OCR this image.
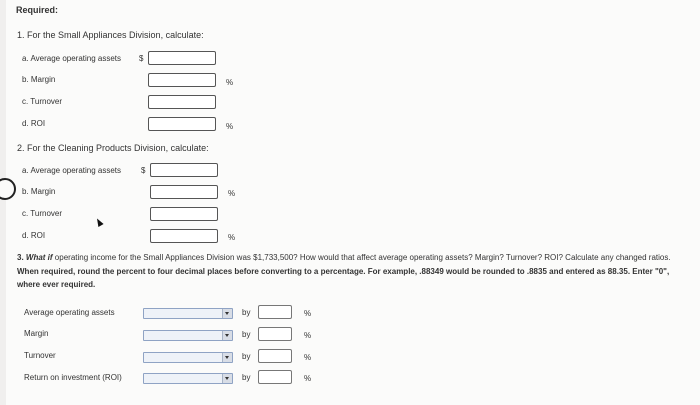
Required:
1. For the Small Appliances Division, calculate:
a. Average operating assets $
b. Margin	%
c. Turnover
d. ROI	%
2. For the Cleaning Products Division, calculate:
a. Average operating assets $
b. Margin	%
c. Turnover
d. ROI	%
3. What if operating income for the Small Appliances Division was $1,733,500? How would that affect average operating assets? Margin? Turnover? ROI? Calculate any changed ratios. When required, round the percent to four decimal places before converting to a percentage. For example, .88349 would be rounded to .8835 and entered as 88.35. Enter "0", where ever required.
Average operating assets	by	%
Margin	by	%
Turnover	by	%
Return on investment (ROI)	by	%
